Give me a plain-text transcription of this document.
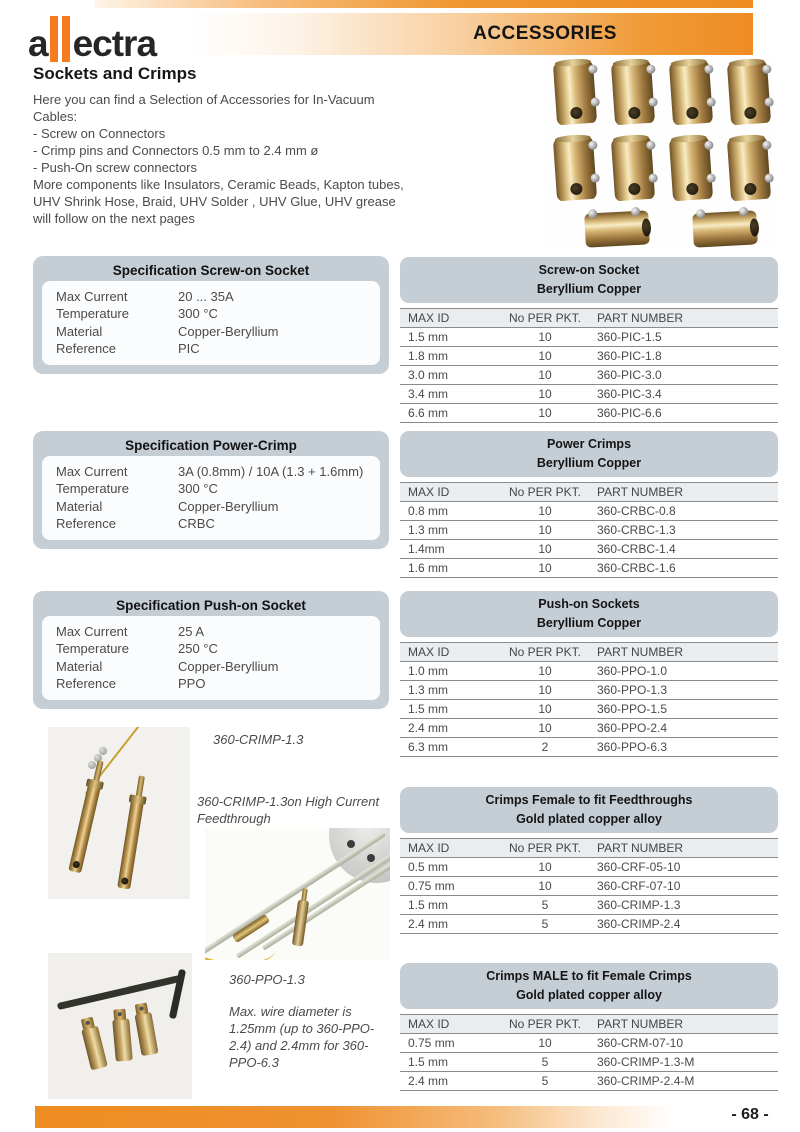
a ectra	ACCESSORIES
Sockets and Crimps
Here you can find a Selection of Accessories for In-Vacuum Cables:
- Screw on Connectors
- Crimp pins and Connectors 0.5 mm to 2.4 mm ø
- Push-On screw connectors
More components like Insulators, Ceramic Beads, Kapton tubes, UHV Shrink Hose, Braid, UHV Solder , UHV Glue, UHV grease will follow on the next pages
Specification Screw-on Socket
Max Current	20 ... 35A
Temperature	300 °C
Material	Copper-Beryllium
Reference	PIC
Specification Power-Crimp
Max Current	3A (0.8mm) / 10A (1.3 + 1.6mm)
Temperature	300 °C
Material	Copper-Beryllium
Reference	CRBC
Specification Push-on Socket
Max Current	25 A
Temperature	250 °C
Material	Copper-Beryllium
Reference	PPO
Screw-on Socket
Beryllium Copper
MAX ID	No PER PKT.	PART NUMBER
1.5 mm	10	360-PIC-1.5
1.8 mm	10	360-PIC-1.8
3.0 mm	10	360-PIC-3.0
3.4 mm	10	360-PIC-3.4
6.6 mm	10	360-PIC-6.6
Power Crimps
Beryllium Copper
MAX ID	No PER PKT.	PART NUMBER
0.8 mm	10	360-CRBC-0.8
1.3 mm	10	360-CRBC-1.3
1.4mm	10	360-CRBC-1.4
1.6 mm	10	360-CRBC-1.6
Push-on Sockets
Beryllium Copper
MAX ID	No PER PKT.	PART NUMBER
1.0 mm	10	360-PPO-1.0
1.3 mm	10	360-PPO-1.3
1.5 mm	10	360-PPO-1.5
2.4 mm	10	360-PPO-2.4
6.3 mm	2	360-PPO-6.3
Crimps Female to fit Feedthroughs
Gold plated copper alloy
MAX ID	No PER PKT.	PART NUMBER
0.5 mm	10	360-CRF-05-10
0.75 mm	10	360-CRF-07-10
1.5 mm	5	360-CRIMP-1.3
2.4 mm	5	360-CRIMP-2.4
Crimps MALE to fit Female Crimps
Gold plated copper alloy
MAX ID	No PER PKT.	PART NUMBER
0.75 mm	10	360-CRM-07-10
1.5 mm	5	360-CRIMP-1.3-M
2.4 mm	5	360-CRIMP-2.4-M
360-CRIMP-1.3
360-CRIMP-1.3on High Current Feedthrough
360-PPO-1.3
Max. wire diameter is 1.25mm (up to 360-PPO-2.4) and 2.4mm for 360-PPO-6.3
- 68 -
